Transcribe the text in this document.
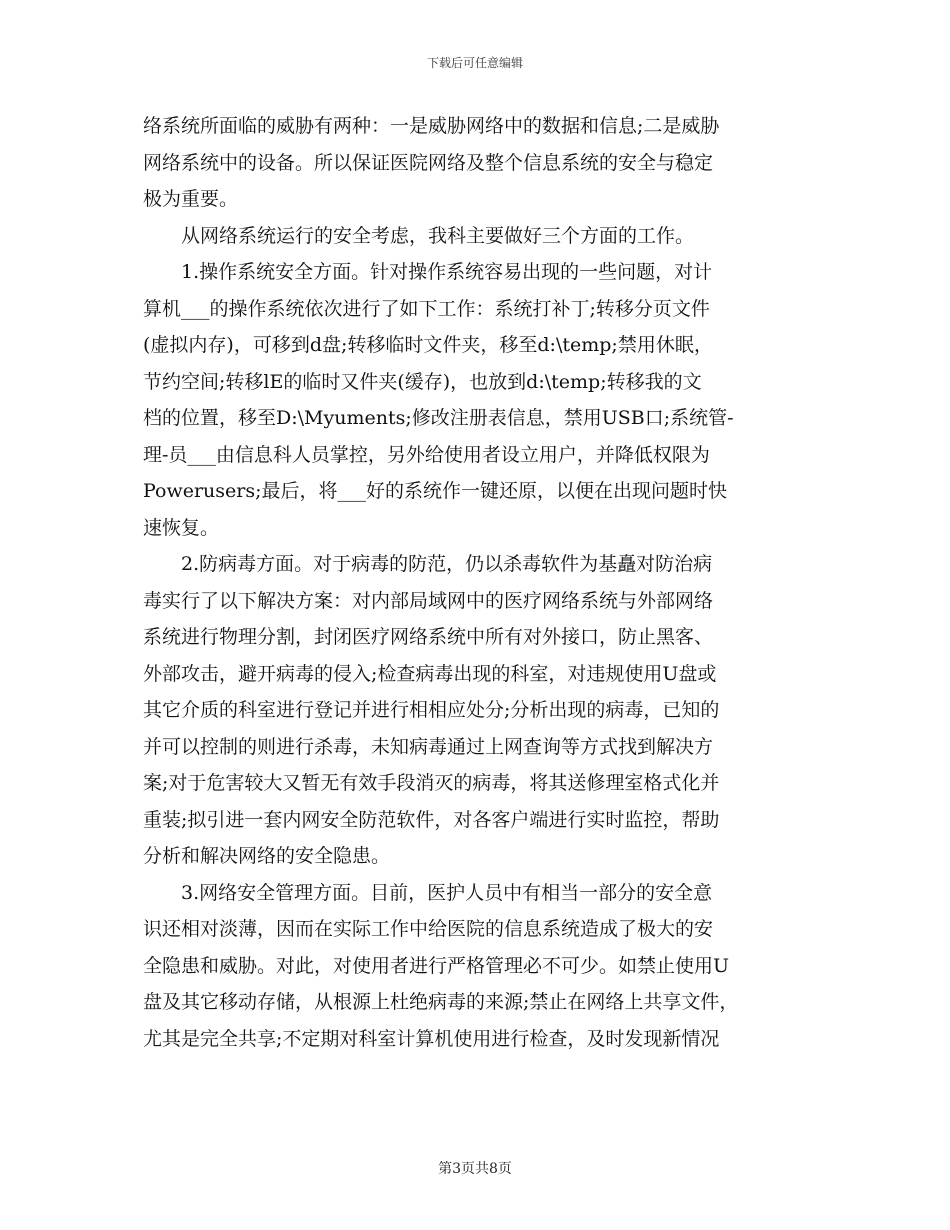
下载后可任意编辑
络系统所面临的威胁有两种：一是威胁网络中的数据和信息;二是威胁
网络系统中的设备。所以保证医院网络及整个信息系统的安全与稳定
极为重要。
从网络系统运行的安全考虑，我科主要做好三个方面的工作。
1.操作系统安全方面。针对操作系统容易出现的一些问题，对计
算机___的操作系统依次进行了如下工作：系统打补丁;转移分页文件
(虚拟内存)，可移到d盘;转移临时文件夹，移至d:\temp;禁用休眠，
节约空间;转移lE的临时又件夹(缓存)，也放到d:\temp;转移我的文
档的位置，移至D:\Myuments;修改注册表信息，禁用USB口;系统管-
理-员___由信息科人员掌控，另外给使用者设立用户，并降低权限为
Powerusers;最后，将___好的系统作一键还原，以便在出现问题时快
速恢复。
2.防病毒方面。对于病毒的防范，仍以杀毒软件为基矗对防治病
毒实行了以下解决方案：对内部局域网中的医疗网络系统与外部网络
系统进行物理分割，封闭医疗网络系统中所有对外接口，防止黑客、
外部攻击，避开病毒的侵入;检查病毒出现的科室，对违规使用U盘或
其它介质的科室进行登记并进行相相应处分;分析出现的病毒，已知的
并可以控制的则进行杀毒，未知病毒通过上网查询等方式找到解决方
案;对于危害较大又暂无有效手段消灭的病毒，将其送修理室格式化并
重装;拟引进一套内网安全防范软件，对各客户端进行实时监控，帮助
分析和解决网络的安全隐患。
3.网络安全管理方面。目前，医护人员中有相当一部分的安全意
识还相对淡薄，因而在实际工作中给医院的信息系统造成了极大的安
全隐患和威胁。对此，对使用者进行严格管理必不可少。如禁止使用U
盘及其它移动存储，从根源上杜绝病毒的来源;禁止在网络上共享文件，
尤其是完全共享;不定期对科室计算机使用进行检查，及时发现新情况
第3页共8页
